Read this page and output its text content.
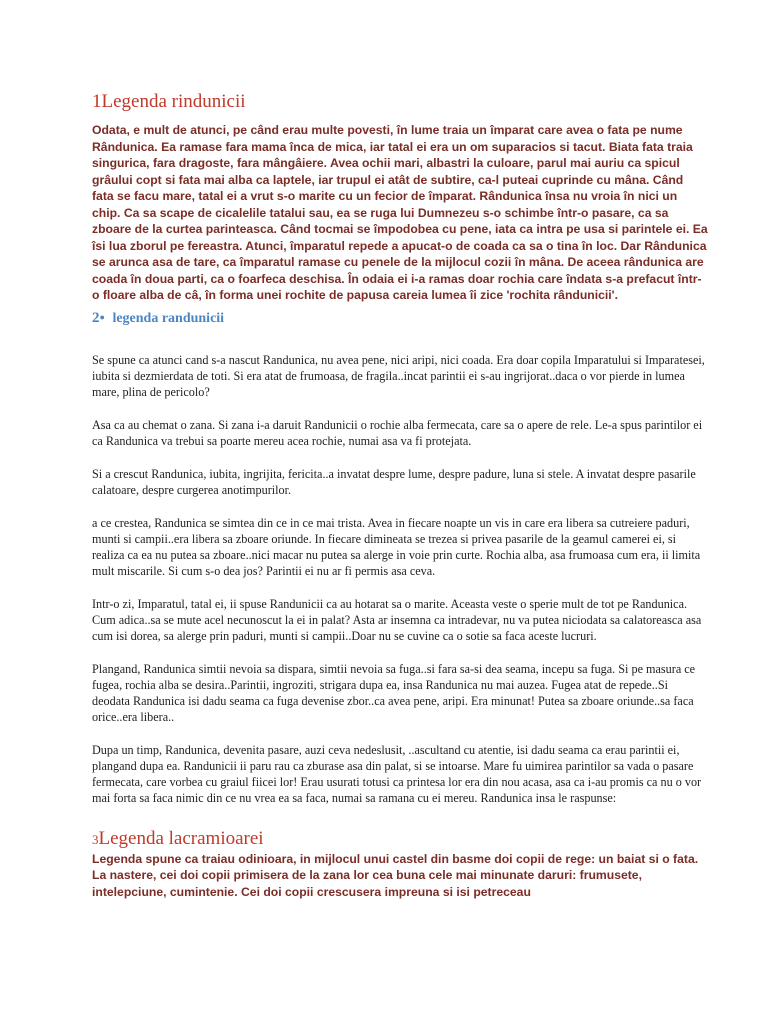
1Legenda rindunicii

Odata, e mult de atunci, pe când erau multe povesti, în lume traia un împarat care avea o fata pe nume Rândunica. Ea ramase fara mama înca de mica, iar tatal ei era un om suparacios si tacut. Biata fata traia singurica, fara dragoste, fara mângâiere. Avea ochii mari, albastri la culoare, parul mai auriu ca spicul grâului copt si fata mai alba ca laptele, iar trupul ei atât de subtire, ca-l puteai cuprinde cu mâna. Când fata se facu mare, tatal ei a vrut s-o marite cu un fecior de împarat. Rândunica însa nu vroia în nici un chip. Ca sa scape de cicalelile tatalui sau, ea se ruga lui Dumnezeu s-o schimbe într-o pasare, ca sa zboare de la curtea parinteasca. Când tocmai se împodobea cu pene, iata ca intra pe usa si parintele ei. Ea îsi lua zborul pe fereastra. Atunci, împaratul repede a apucat-o de coada ca sa o tina în loc. Dar Rândunica se arunca asa de tare, ca împaratul ramase cu penele de la mijlocul cozii în mâna. De aceea rândunica are coada în doua parti, ca o foarfeca deschisa. În odaia ei i-a ramas doar rochia care îndata s-a prefacut într-o floare alba de câ, în forma unei rochite de papusa careia lumea îi zice 'rochita rândunicii'.

2● legenda randunicii

Se spune ca atunci cand s-a nascut Randunica, nu avea pene, nici aripi, nici coada. Era doar copila Imparatului si Imparatesei, iubita si dezmierdata de toti. Si era atat de frumoasa, de fragila..incat parintii ei s-au ingrijorat..daca o vor pierde in lumea mare, plina de pericolo?

Asa ca au chemat o zana. Si zana i-a daruit Randunicii o rochie alba fermecata, care sa o apere de rele. Le-a spus parintilor ei ca Randunica va trebui sa poarte mereu acea rochie, numai asa va fi protejata.

Si a crescut Randunica, iubita, ingrijita, fericita..a invatat despre lume, despre padure, luna si stele. A invatat despre pasarile calatoare, despre curgerea anotimpurilor.

a ce crestea, Randunica se simtea din ce in ce mai trista. Avea in fiecare noapte un vis in care era libera sa cutreiere paduri, munti si campii..era libera sa zboare oriunde. In fiecare dimineata se trezea si privea pasarile de la geamul camerei ei, si realiza ca ea nu putea sa zboare..nici macar nu putea sa alerge in voie prin curte. Rochia alba, asa frumoasa cum era, ii limita mult miscarile. Si cum s-o dea jos? Parintii ei nu ar fi permis asa ceva.

Intr-o zi, Imparatul, tatal ei, ii spuse Randunicii ca au hotarat sa o marite. Aceasta veste o sperie mult de tot pe Randunica. Cum adica..sa se mute acel necunoscut la ei in palat? Asta ar insemna ca intradevar, nu va putea niciodata sa calatoreasca asa cum isi dorea, sa alerge prin paduri, munti si campii..Doar nu se cuvine ca o sotie sa faca aceste lucruri.

Plangand, Randunica simtii nevoia sa dispara, simtii nevoia sa fuga..si fara sa-si dea seama, incepu sa fuga. Si pe masura ce fugea, rochia alba se desira..Parintii, ingroziti, strigara dupa ea, insa Randunica nu mai auzea. Fugea atat de repede..Si deodata Randunica isi dadu seama ca fuga devenise zbor..ca avea pene, aripi. Era minunat! Putea sa zboare oriunde..sa faca orice..era libera..

Dupa un timp, Randunica, devenita pasare, auzi ceva nedeslusit, ..ascultand cu atentie, isi dadu seama ca erau parintii ei, plangand dupa ea. Randunicii ii paru rau ca zburase asa din palat, si se intoarse. Mare fu uimirea parintilor sa vada o pasare fermecata, care vorbea cu graiul fiicei lor! Erau usurati totusi ca printesa lor era din nou acasa, asa ca i-au promis ca nu o vor mai forta sa faca nimic din ce nu vrea ea sa faca, numai sa ramana cu ei mereu. Randunica insa le raspunse:

3Legenda lacramioarei

Legenda spune ca traiau odinioara, in mijlocul unui castel din basme doi copii de rege: un baiat si o fata. La nastere, cei doi copii primisera de la zana lor cea buna cele mai minunate daruri: frumusete, intelepciune, cumintenie. Cei doi copii crescusera impreuna si isi petreceau
